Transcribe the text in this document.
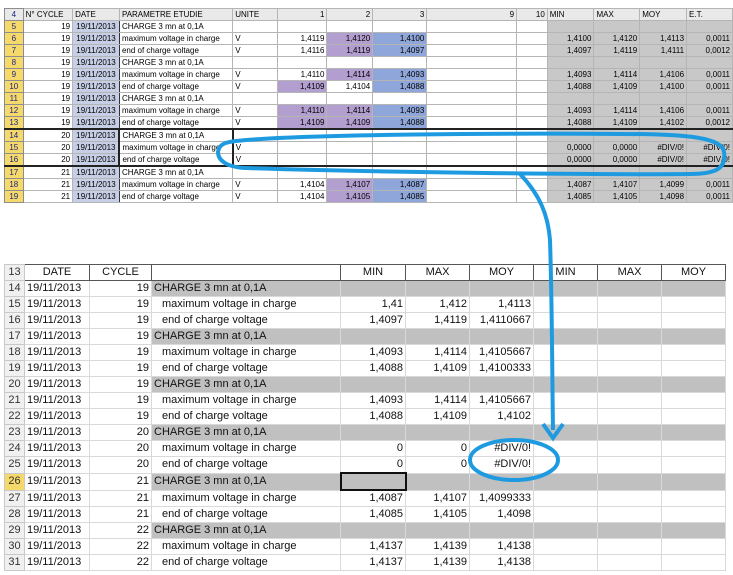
4	N° CYCLE	DATE	PARAMETRE ETUDIE	UNITE	1	2	3	9	10	MIN	MAX	MOY	E.T.
5	19	19/11/2013	CHARGE 3 mn at 0,1A										
6	19	19/11/2013	maximum voltage in charge	V	1,4119	1,4120	1,4100			1,4100	1,4120	1,4113	0,0011
7	19	19/11/2013	end of charge voltage	V	1,4116	1,4119	1,4097			1,4097	1,4119	1,4111	0,0012
8	19	19/11/2013	CHARGE 3 mn at 0,1A										
9	19	19/11/2013	maximum voltage in charge	V	1,4110	1,4114	1,4093			1,4093	1,4114	1,4106	0,0011
10	19	19/11/2013	end of charge voltage	V	1,4109	1,4104	1,4088			1,4088	1,4109	1,4100	0,0011
11	19	19/11/2013	CHARGE 3 mn at 0,1A										
12	19	19/11/2013	maximum voltage in charge	V	1,4110	1,4114	1,4093			1,4093	1,4114	1,4106	0,0011
13	19	19/11/2013	end of charge voltage	V	1,4109	1,4109	1,4088			1,4088	1,4109	1,4102	0,0012
14	20	19/11/2013	CHARGE 3 mn at 0,1A										
15	20	19/11/2013	maximum voltage in charge	V						0,0000	0,0000	#DIV/0!	#DIV/0!
16	20	19/11/2013	end of charge voltage	V						0,0000	0,0000	#DIV/0!	#DIV/0!
17	21	19/11/2013	CHARGE 3 mn at 0,1A										
18	21	19/11/2013	maximum voltage in charge	V	1,4104	1,4107	1,4087			1,4087	1,4107	1,4099	0,0011
19	21	19/11/2013	end of charge voltage	V	1,4104	1,4105	1,4085			1,4085	1,4105	1,4098	0,0011
13	DATE	CYCLE		MIN	MAX	MOY	MIN	MAX	MOY
14	19/11/2013	19	CHARGE 3 mn at 0,1A						
15	19/11/2013	19	maximum voltage in charge	1,41	1,412	1,4113			
16	19/11/2013	19	end of charge voltage	1,4097	1,4119	1,4110667			
17	19/11/2013	19	CHARGE 3 mn at 0,1A						
18	19/11/2013	19	maximum voltage in charge	1,4093	1,4114	1,4105667			
19	19/11/2013	19	end of charge voltage	1,4088	1,4109	1,4100333			
20	19/11/2013	19	CHARGE 3 mn at 0,1A						
21	19/11/2013	19	maximum voltage in charge	1,4093	1,4114	1,4105667			
22	19/11/2013	19	end of charge voltage	1,4088	1,4109	1,4102			
23	19/11/2013	20	CHARGE 3 mn at 0,1A						
24	19/11/2013	20	maximum voltage in charge	0	0	#DIV/0!			
25	19/11/2013	20	end of charge voltage	0	0	#DIV/0!			
26	19/11/2013	21	CHARGE 3 mn at 0,1A						
27	19/11/2013	21	maximum voltage in charge	1,4087	1,4107	1,4099333			
28	19/11/2013	21	end of charge voltage	1,4085	1,4105	1,4098			
29	19/11/2013	22	CHARGE 3 mn at 0,1A						
30	19/11/2013	22	maximum voltage in charge	1,4137	1,4139	1,4138			
31	19/11/2013	22	end of charge voltage	1,4137	1,4139	1,4138			
